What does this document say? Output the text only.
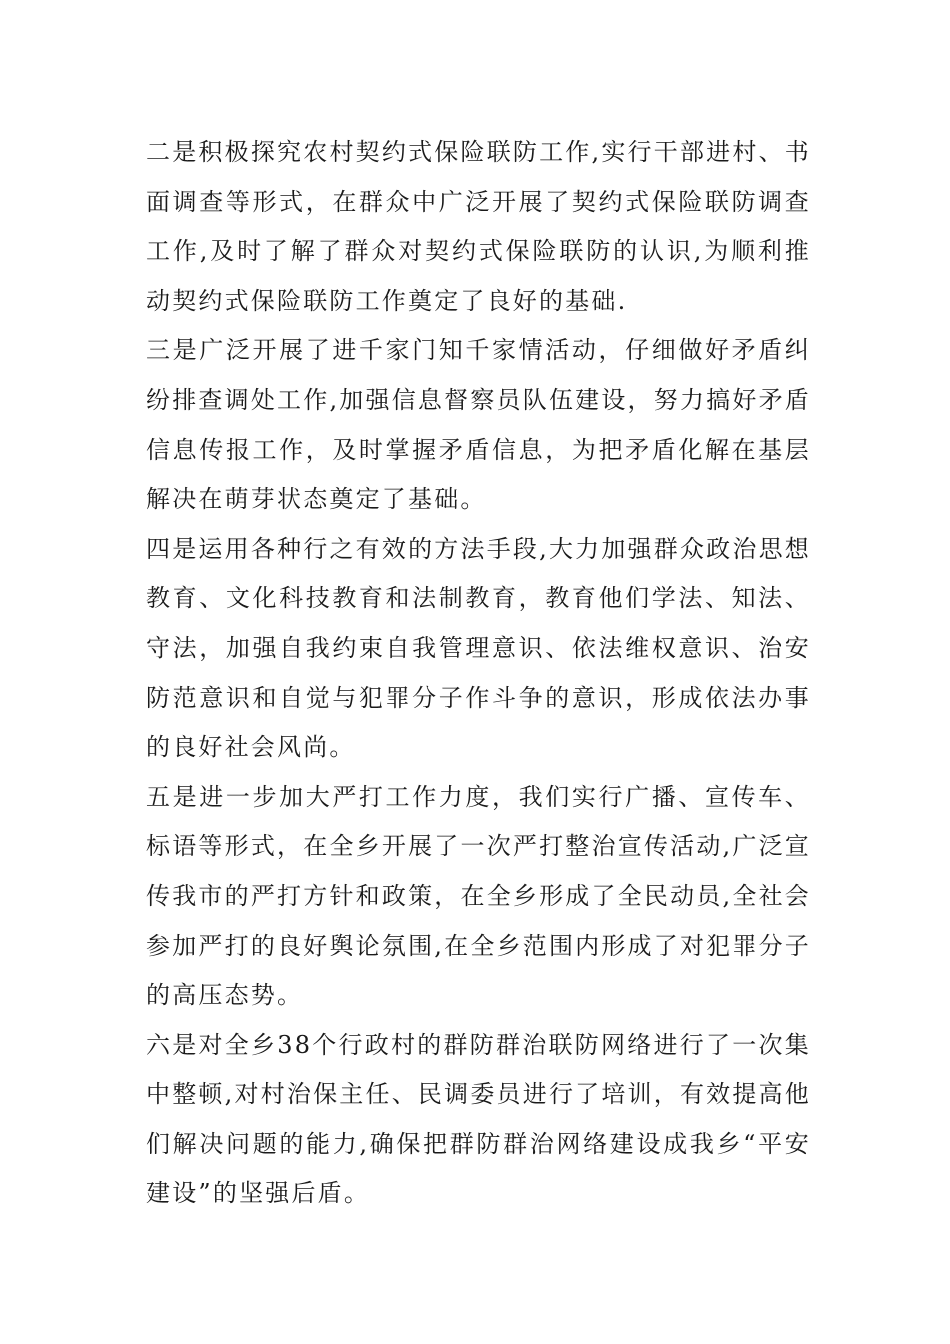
二是积极探究农村契约式保险联防工作,实行干部进村、书面调查等形式，在群众中广泛开展了契约式保险联防调查工作,及时了解了群众对契约式保险联防的认识,为顺利推动契约式保险联防工作奠定了良好的基础.

三是广泛开展了进千家门知千家情活动，仔细做好矛盾纠纷排查调处工作,加强信息督察员队伍建设，努力搞好矛盾信息传报工作，及时掌握矛盾信息，为把矛盾化解在基层解决在萌芽状态奠定了基础。

四是运用各种行之有效的方法手段,大力加强群众政治思想教育、文化科技教育和法制教育，教育他们学法、知法、守法，加强自我约束自我管理意识、依法维权意识、治安防范意识和自觉与犯罪分子作斗争的意识，形成依法办事的良好社会风尚。

五是进一步加大严打工作力度，我们实行广播、宣传车、标语等形式，在全乡开展了一次严打整治宣传活动,广泛宣传我市的严打方针和政策，在全乡形成了全民动员,全社会参加严打的良好舆论氛围,在全乡范围内形成了对犯罪分子的高压态势。

六是对全乡38个行政村的群防群治联防网络进行了一次集中整顿,对村治保主任、民调委员进行了培训，有效提高他们解决问题的能力,确保把群防群治网络建设成我乡“平安建设”的坚强后盾。
